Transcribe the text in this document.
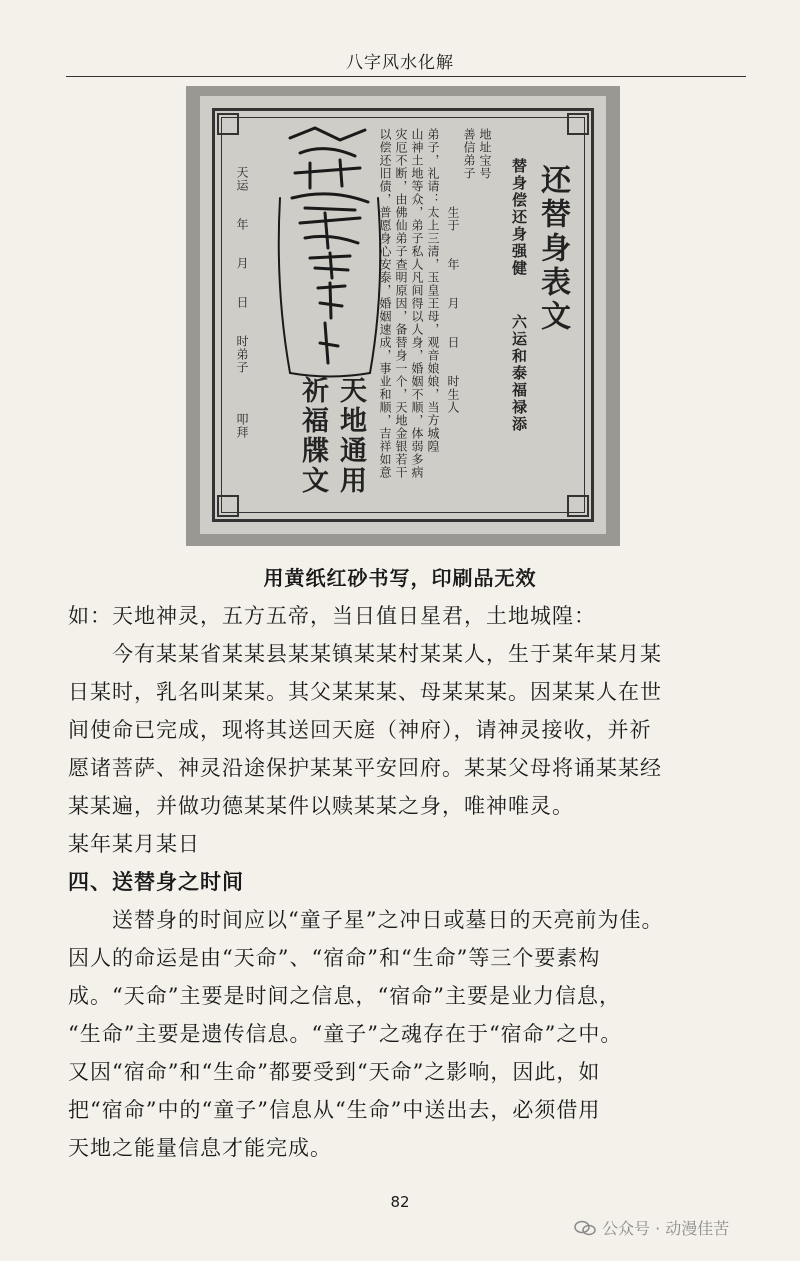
八字风水化解
还替身表文
替身偿还身强健
六运和泰福禄添
地址宝号
善信弟子
生于　　年　　月　　日　　时生人
弟子，礼请：太上三清，玉皇王母，观音娘娘，当方城隍
山神土地等众，弟子私人凡间得以人身，婚姻不顺，体弱多病
灾厄不断，由佛仙弟子查明原因，备替身一个，天地金银若干
以偿还旧债，普愿身心安泰，婚姻速成，事业和顺，吉祥如意
天地通用
祈福牒文
天运　　年　　月　　日　　时弟子　　　叩拜
用黄纸红砂书写，印刷品无效
如：天地神灵，五方五帝，当日值日星君，土地城隍：
　　今有某某省某某县某某镇某某村某某人，生于某年某月某
日某时，乳名叫某某。其父某某某、母某某某。因某某人在世
间使命已完成，现将其送回天庭（神府），请神灵接收，并祈
愿诸菩萨、神灵沿途保护某某平安回府。某某父母将诵某某经
某某遍，并做功德某某件以赎某某之身，唯神唯灵。
某年某月某日
四、送替身之时间
　　送替身的时间应以“童子星”之冲日或墓日的天亮前为佳。
因人的命运是由“天命”、“宿命”和“生命”等三个要素构
成。“天命”主要是时间之信息，“宿命”主要是业力信息，
“生命”主要是遗传信息。“童子”之魂存在于“宿命”之中。
又因“宿命”和“生命”都要受到“天命”之影响，因此，如
把“宿命”中的“童子”信息从“生命”中送出去，必须借用
天地之能量信息才能完成。
82
公众号 · 动漫佳苦
